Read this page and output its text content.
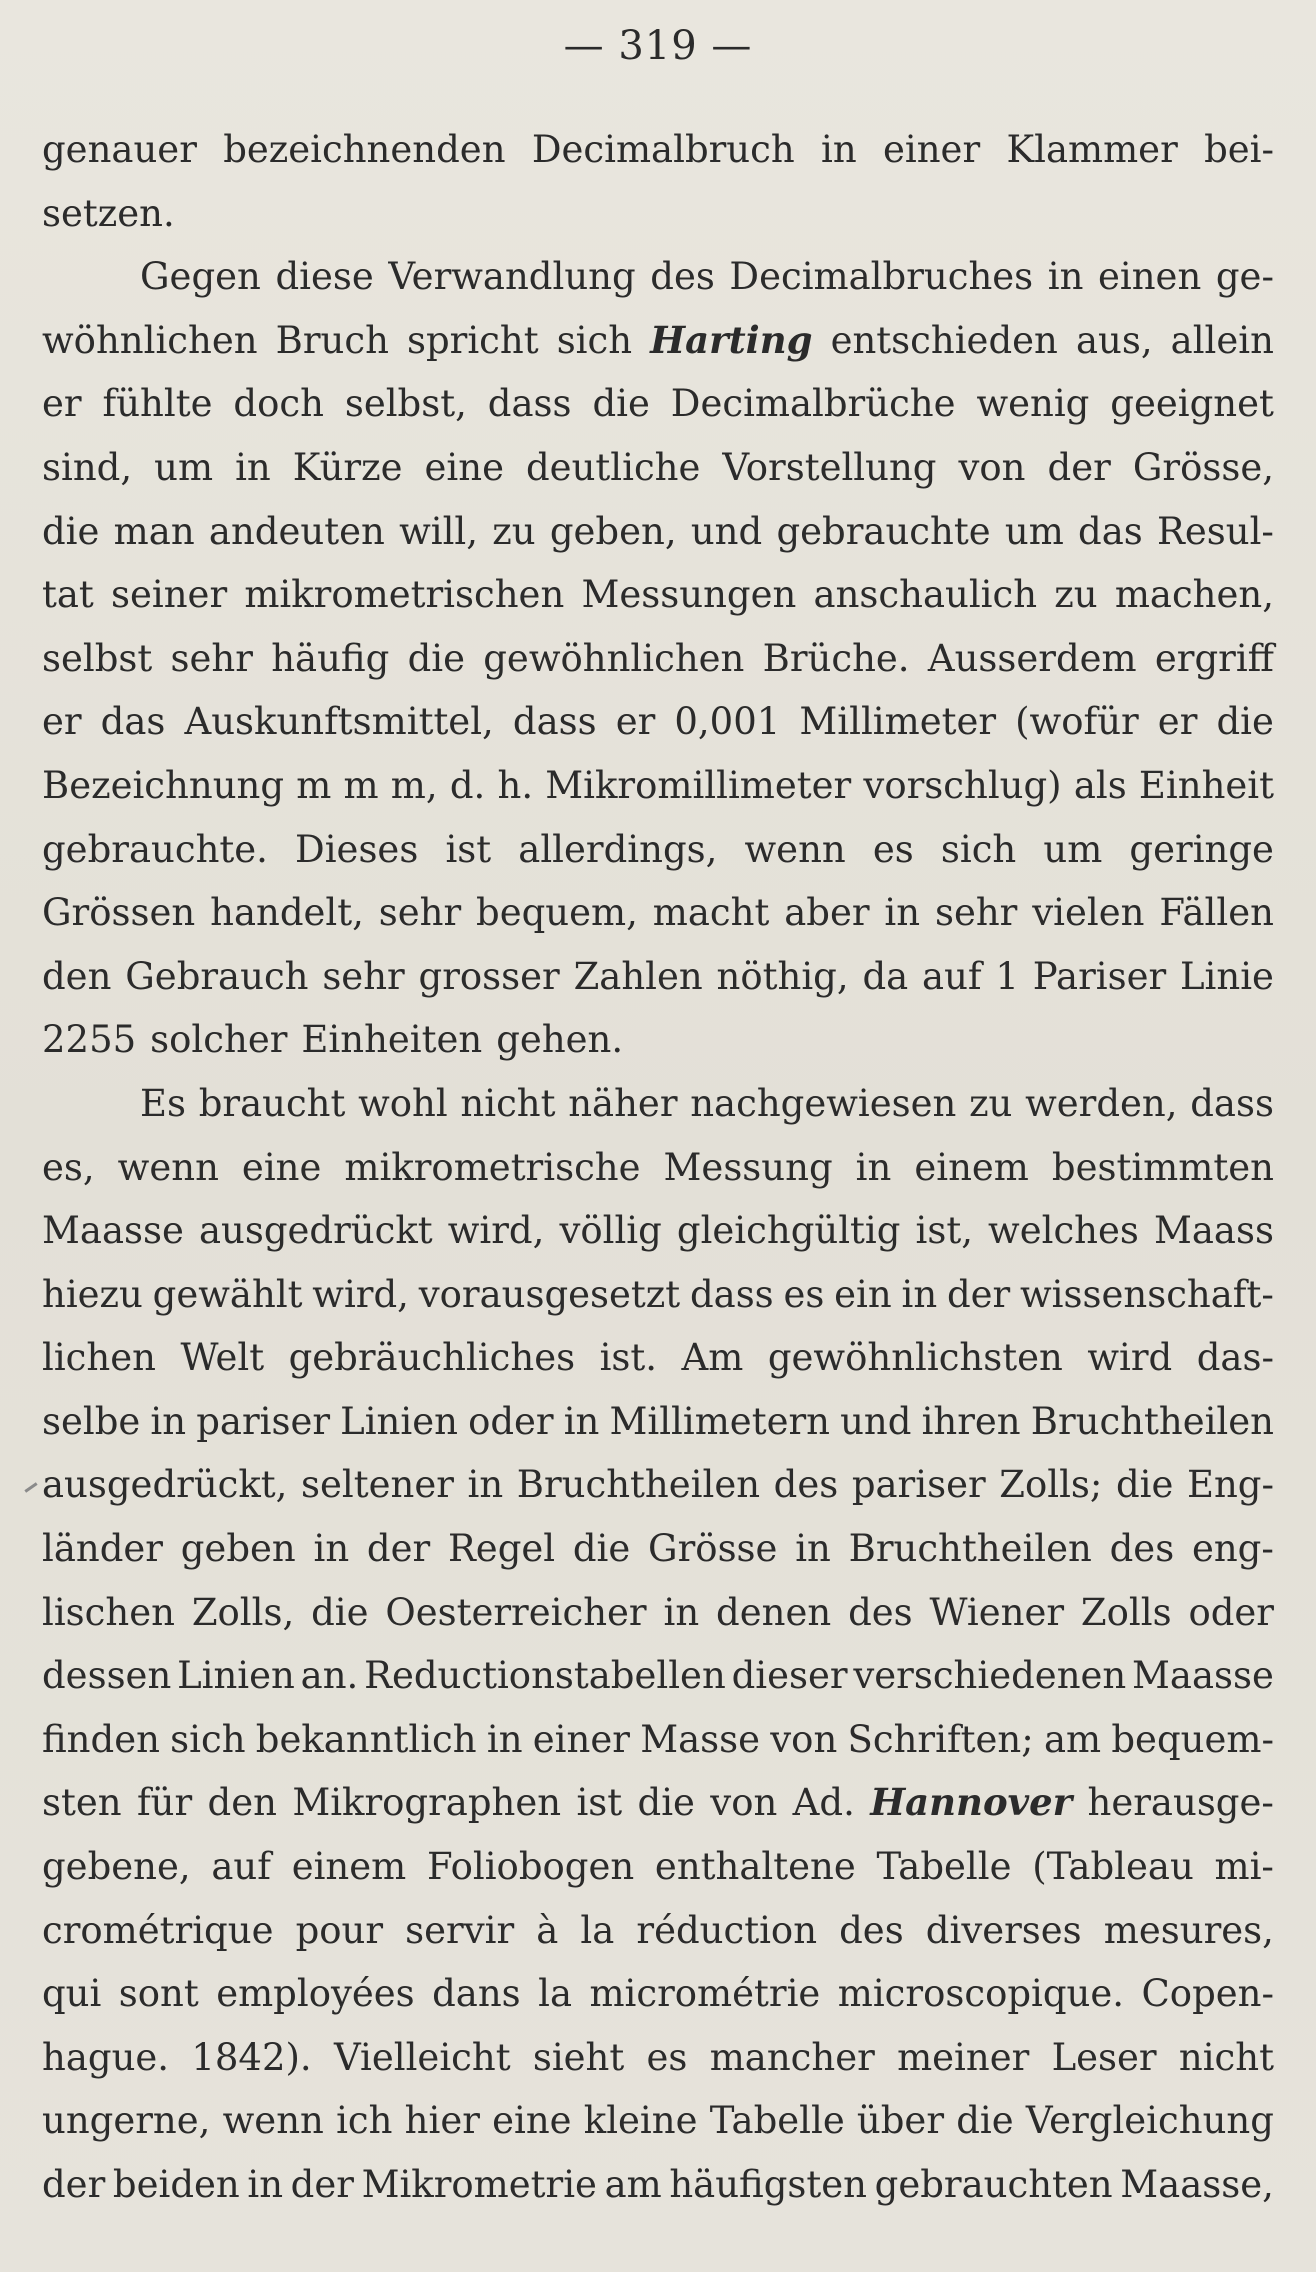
— 319 —
genauer bezeichnenden Decimalbruch in einer Klammer bei-
setzen.
Gegen diese Verwandlung des Decimalbruches in einen ge-
wöhnlichen Bruch spricht sich Harting entschieden aus, allein
er fühlte doch selbst, dass die Decimalbrüche wenig geeignet
sind, um in Kürze eine deutliche Vorstellung von der Grösse,
die man andeuten will, zu geben, und gebrauchte um das Resul-
tat seiner mikrometrischen Messungen anschaulich zu machen,
selbst sehr häufig die gewöhnlichen Brüche. Ausserdem ergriff
er das Auskunftsmittel, dass er 0,001 Millimeter (wofür er die
Bezeichnung m m m, d. h. Mikromillimeter vorschlug) als Einheit
gebrauchte. Dieses ist allerdings, wenn es sich um geringe
Grössen handelt, sehr bequem, macht aber in sehr vielen Fällen
den Gebrauch sehr grosser Zahlen nöthig, da auf 1 Pariser Linie
2255 solcher Einheiten gehen.
Es braucht wohl nicht näher nachgewiesen zu werden, dass
es, wenn eine mikrometrische Messung in einem bestimmten
Maasse ausgedrückt wird, völlig gleichgültig ist, welches Maass
hiezu gewählt wird, vorausgesetzt dass es ein in der wissenschaft-
lichen Welt gebräuchliches ist. Am gewöhnlichsten wird das-
selbe in pariser Linien oder in Millimetern und ihren Bruchtheilen
ausgedrückt, seltener in Bruchtheilen des pariser Zolls; die Eng-
länder geben in der Regel die Grösse in Bruchtheilen des eng-
lischen Zolls, die Oesterreicher in denen des Wiener Zolls oder
dessen Linien an. Reductionstabellen dieser verschiedenen Maasse
finden sich bekanntlich in einer Masse von Schriften; am bequem-
sten für den Mikrographen ist die von Ad. Hannover herausge-
gebene, auf einem Foliobogen enthaltene Tabelle (Tableau mi-
crométrique pour servir à la réduction des diverses mesures,
qui sont employées dans la micrométrie microscopique. Copen-
hague. 1842). Vielleicht sieht es mancher meiner Leser nicht
ungerne, wenn ich hier eine kleine Tabelle über die Vergleichung
der beiden in der Mikrometrie am häufigsten gebrauchten Maasse,
